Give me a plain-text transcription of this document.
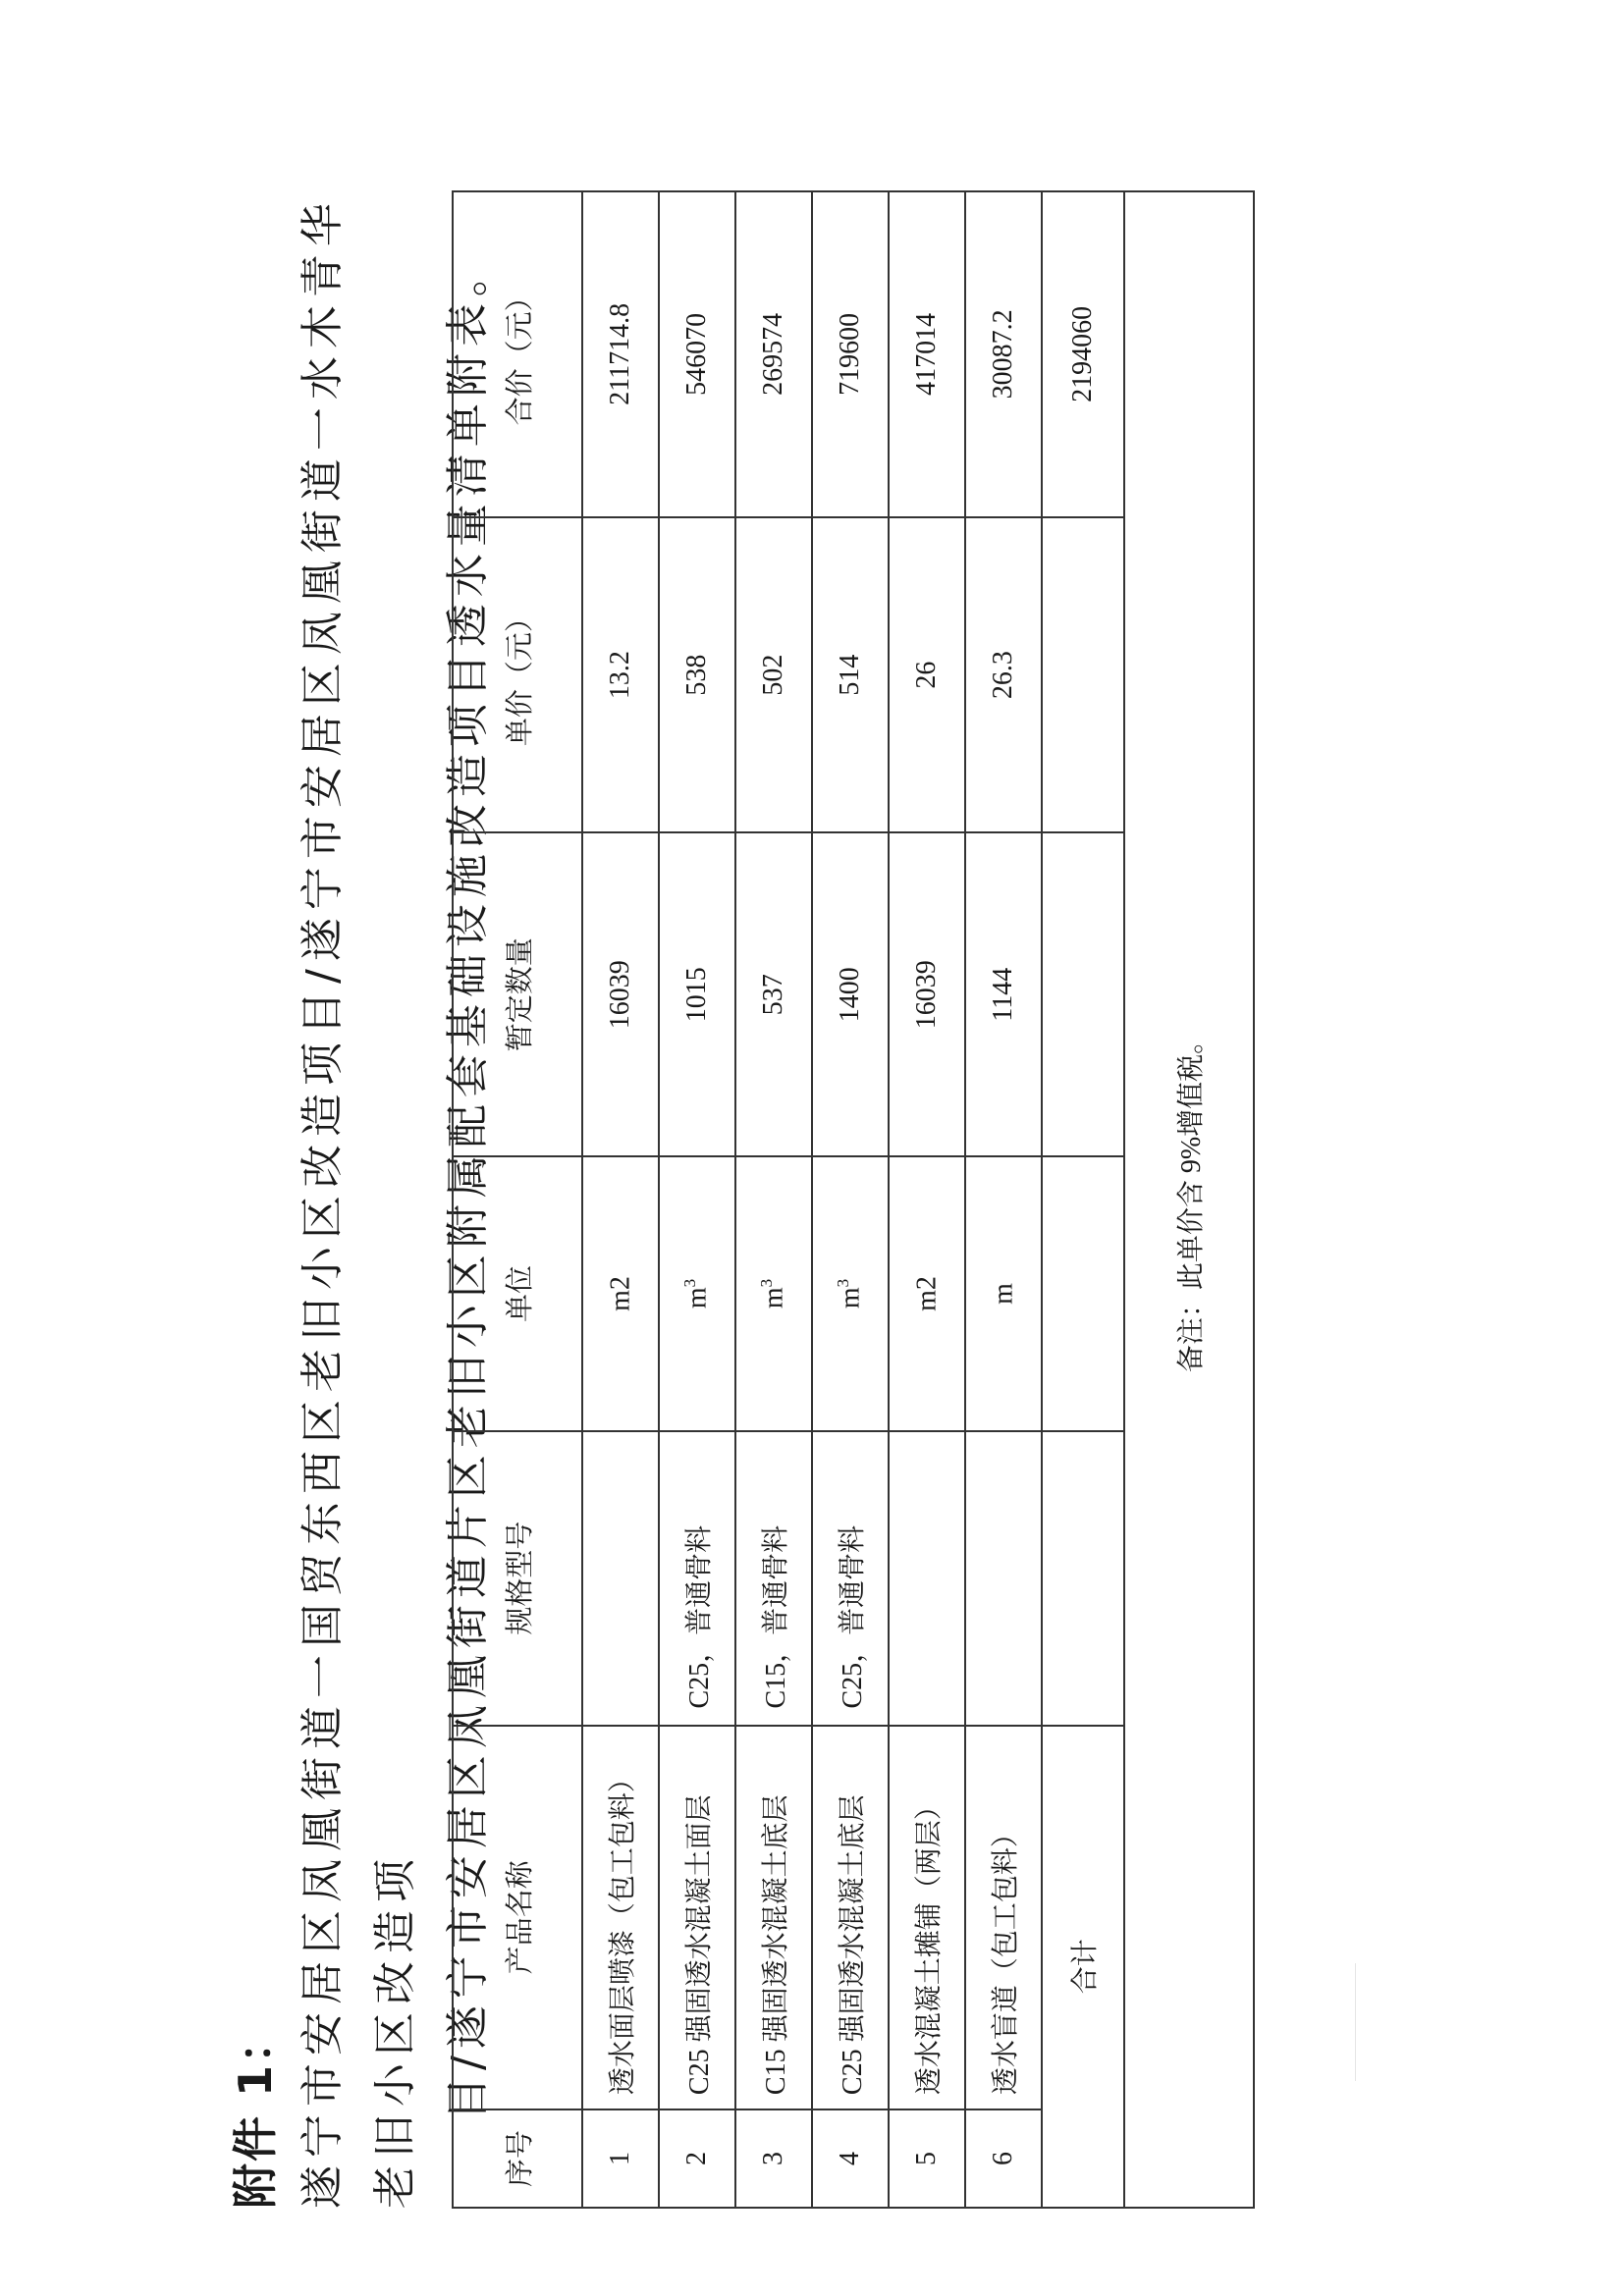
附件 1： 遂宁市安居区凤凰街道一国贸东西区老旧小区改造项目/遂宁市安居区凤凰街道一水木青华老旧小区改造项 目/遂宁市安居区凤凰街道片区老旧小区附属配套基础设施改造项目透水量清单附表。
序号	产品名称	规格型号	单位	暂定数量	单价（元）	合价（元）
1	透水面层喷漆（包工包料）		m2	16039	13.2	211714.8
2	C25 强固透水混凝土面层	C25，普通骨料	$m^3$	1015	538	546070
3	C15 强固透水混凝土底层	C15，普通骨料	$m^3$	537	502	269574
4	C25 强固透水混凝土底层	C25，普通骨料	$m^3$	1400	514	719600
5	透水混凝土摊铺（两层）		m2	16039	26	417014
6	透水盲道（包工包料）		m	1144	26.3	30087.2
合计						2194060
备注：此单价含 9%增值税。						
